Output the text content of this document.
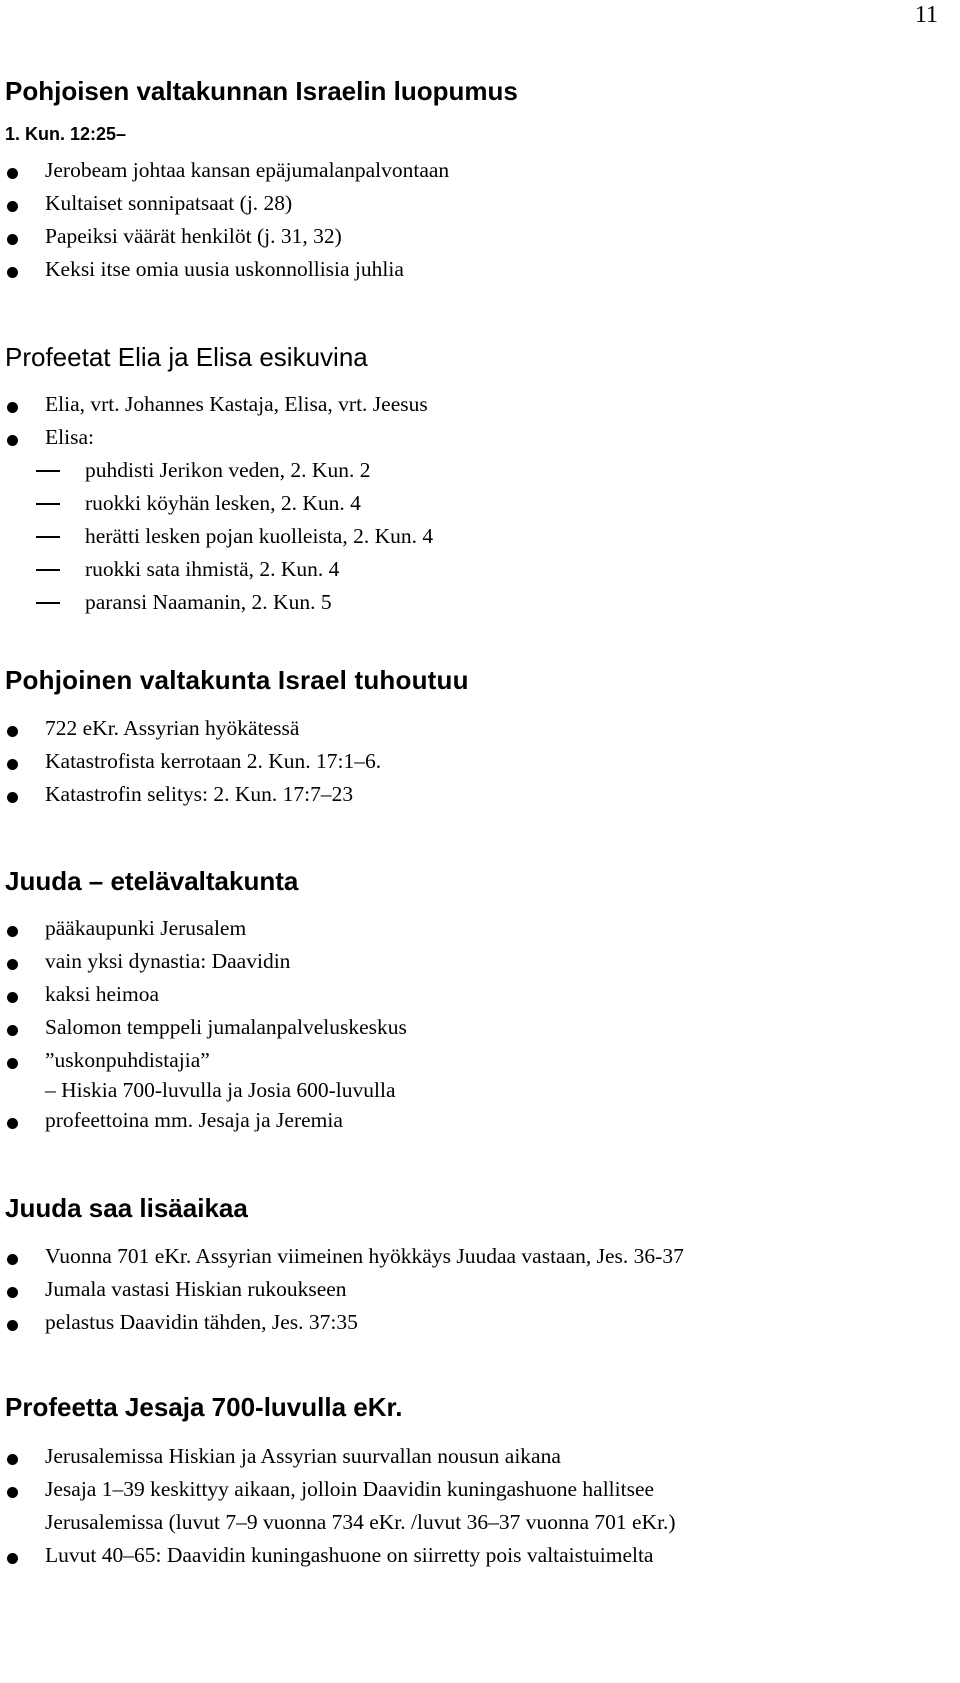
11
Pohjoisen valtakunnan Israelin luopumus
1. Kun. 12:25–
Jerobeam johtaa kansan epäjumalanpalvontaan
Kultaiset sonnipatsaat (j. 28)
Papeiksi väärät henkilöt (j. 31, 32)
Keksi itse omia uusia uskonnollisia juhlia
Profeetat Elia ja Elisa esikuvina
Elia, vrt. Johannes Kastaja, Elisa, vrt. Jeesus
Elisa:
puhdisti Jerikon veden, 2. Kun. 2
ruokki köyhän lesken, 2. Kun. 4
herätti lesken pojan kuolleista, 2. Kun. 4
ruokki sata ihmistä, 2. Kun. 4
paransi Naamanin, 2. Kun. 5
Pohjoinen valtakunta Israel tuhoutuu
722 eKr. Assyrian hyökätessä
Katastrofista kerrotaan 2. Kun. 17:1–6.
Katastrofin selitys: 2. Kun. 17:7–23
Juuda – etelävaltakunta
pääkaupunki Jerusalem
vain yksi dynastia: Daavidin
kaksi heimoa
Salomon temppeli jumalanpalveluskeskus
”uskonpuhdistajia”
– Hiskia 700-luvulla ja Josia 600-luvulla
profeettoina mm. Jesaja ja Jeremia
Juuda saa lisäaikaa
Vuonna 701 eKr. Assyrian viimeinen hyökkäys Juudaa vastaan, Jes. 36-37
Jumala vastasi Hiskian rukoukseen
pelastus Daavidin tähden, Jes. 37:35
Profeetta Jesaja 700-luvulla eKr.
Jerusalemissa Hiskian ja Assyrian suurvallan nousun aikana
Jesaja 1–39 keskittyy aikaan, jolloin Daavidin kuningashuone hallitsee
Jerusalemissa (luvut 7–9 vuonna 734 eKr. /luvut 36–37 vuonna 701 eKr.)
Luvut 40–65: Daavidin kuningashuone on siirretty pois valtaistuimelta
